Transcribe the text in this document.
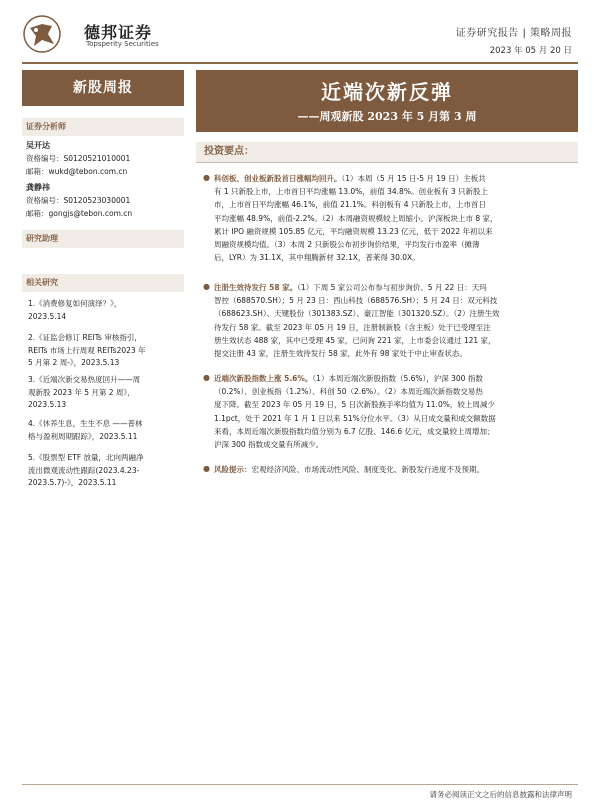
德邦证券
Topsperity Securities
证券研究报告 | 策略周报
2023 年 05 月 20 日
新股周报
证券分析师
吴开达
资格编号：S0120521010001
邮箱：wukd@tebon.com.cn
龚静祎
资格编号：S0120523030001
邮箱：gongjs@tebon.com.cn
研究助理
相关研究
1.《消费修复如何演绎？》，
2023.5.14
2.《证监会修订 REITs 审核指引，
REITs 市场上行周观 REITs2023 年
5 月第 2 周-》，2023.5.13
3.《近端次新交易热度回升——周
观新股 2023 年 5 月第 2 周》，
2023.5.13
4.《休养生息，生生不息 ——普林
格与盈利周期跟踪》，2023.5.11
5.《股票型 ETF 放量，北向两融净
流出微观流动性跟踪(2023.4.23-
2023.5.7)-》，2023.5.11
近端次新反弹
——周观新股 2023 年 5 月第 3 周
投资要点：
● 科创板、创业板新股首日涨幅均回升。（1）本周（5 月 15 日-5 月 19 日）主板共
有 1 只新股上市，上市首日平均涨幅 13.0%，前值 34.8%。创业板有 3 只新股上
市，上市首日平均涨幅 46.1%，前值 21.1%。科创板有 4 只新股上市，上市首日
平均涨幅 48.9%，前值-2.2%。（2）本周融资规模较上周缩小。沪深板块上市 8 家，
累计 IPO 融资规模 105.85 亿元，平均融资规模 13.23 亿元，低于 2022 年初以来
周融资规模均值。（3）本周 2 只新股公布初步询价结果，平均发行市盈率（摊薄
后，LYR）为 31.1X，其中翔腾新材 32.1X，普莱得 30.0X。
● 注册生效待发行 58 家。（1）下周 5 家公司公布参与初步询价。5 月 22 日：天玛
智控（688570.SH）；5 月 23 日：西山科技（688576.SH）；5 月 24 日：双元科技
（688623.SH）、天键股份（301383.SZ）、豪江智能（301320.SZ）。（2）注册生效
待发行 58 家。截至 2023 年 05 月 19 日，注册制新股（含主板）处于已受理至注
册生效状态 488 家，其中已受理 45 家，已问询 221 家，上市委会议通过 121 家，
提交注册 43 家，注册生效待发行 58 家，此外有 98 家处于中止审查状态。
● 近端次新股指数上涨 5.6%。（1）本周近端次新股指数（5.6%），沪深 300 指数
（0.2%）、创业板指（1.2%）、科创 50（2.6%）。（2）本周近端次新指数交易热
度下降。截至 2023 年 05 月 19 日，5 日次新股换手率均值为 11.0%，较上周减少
1.1pct，处于 2021 年 1 月 1 日以来 51%分位水平。（3）从日成交量和成交额数据
来看，本周近端次新股指数均值分别为 6.7 亿股、146.6 亿元，成交量较上周增加；
沪深 300 指数成交量有所减少。
● 风险提示：宏观经济风险、市场流动性风险、制度变化、新股发行进度不及预期。
请务必阅读正文之后的信息披露和法律声明
